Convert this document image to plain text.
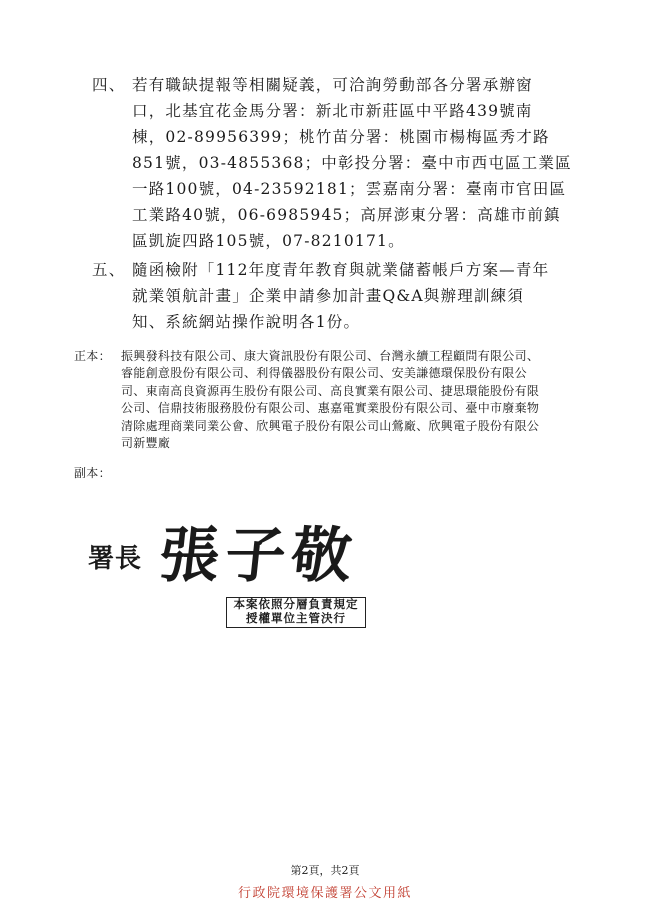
四、 若有職缺提報等相關疑義，可洽詢勞動部各分署承辦窗
口，北基宜花金馬分署：新北市新莊區中平路439號南
棟，02-89956399；桃竹苗分署：桃園市楊梅區秀才路
851號，03-4855368；中彰投分署：臺中市西屯區工業區
一路100號，04-23592181；雲嘉南分署：臺南市官田區
工業路40號，06-6985945；高屏澎東分署：高雄市前鎮
區凱旋四路105號，07-8210171。
五、 隨函檢附「112年度青年教育與就業儲蓄帳戶方案—青年
就業領航計畫」企業申請參加計畫Q&A與辦理訓練須
知、系統網站操作說明各1份。
正本： 振興發科技有限公司、康大資訊股份有限公司、台灣永續工程顧問有限公司、
睿能創意股份有限公司、利得儀器股份有限公司、安美謙德環保股份有限公
司、東南高良資源再生股份有限公司、高良實業有限公司、捷思環能股份有限
公司、信鼎技術服務股份有限公司、惠嘉電實業股份有限公司、臺中市廢棄物
清除處理商業同業公會、欣興電子股份有限公司山鶯廠、欣興電子股份有限公
司新豐廠
副本：
署長 張子敬
本案依照分層負責規定
授權單位主管決行
第2頁，共2頁
行政院環境保護署公文用紙
